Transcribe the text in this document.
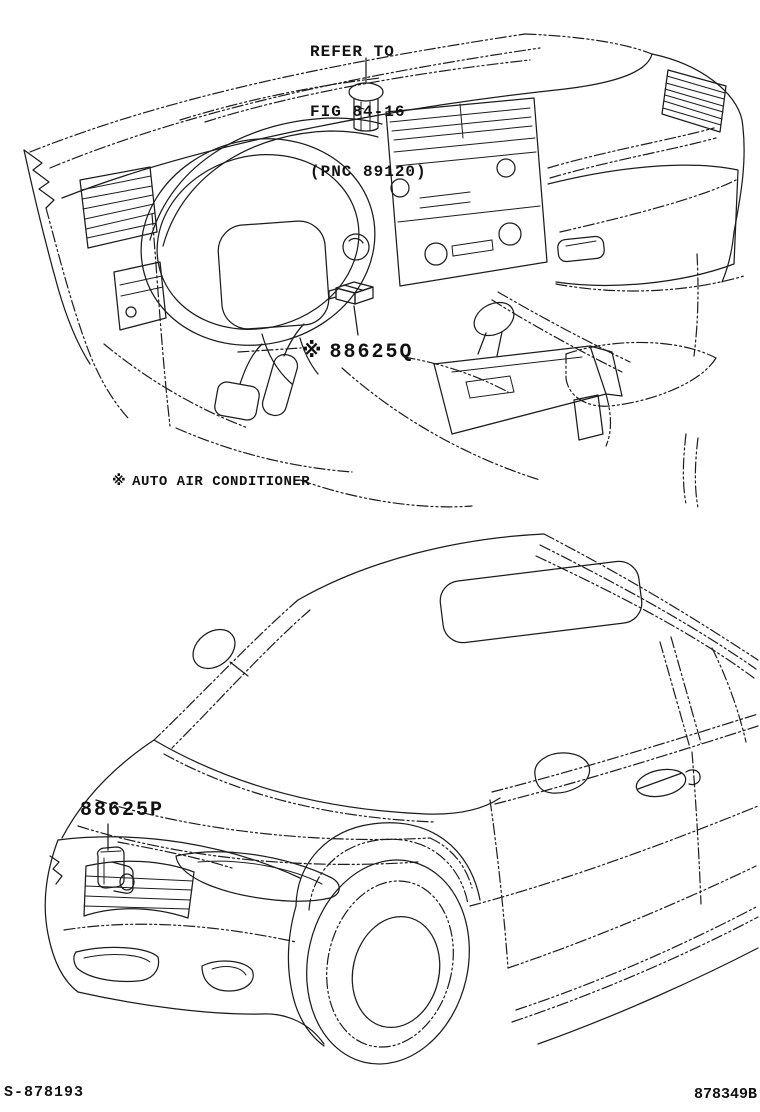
REFER TO

FIG 84-16

(PNC 89120)

※ 88625Q
※ AUTO AIR CONDITIONER
88625P
S-878193	878349B
